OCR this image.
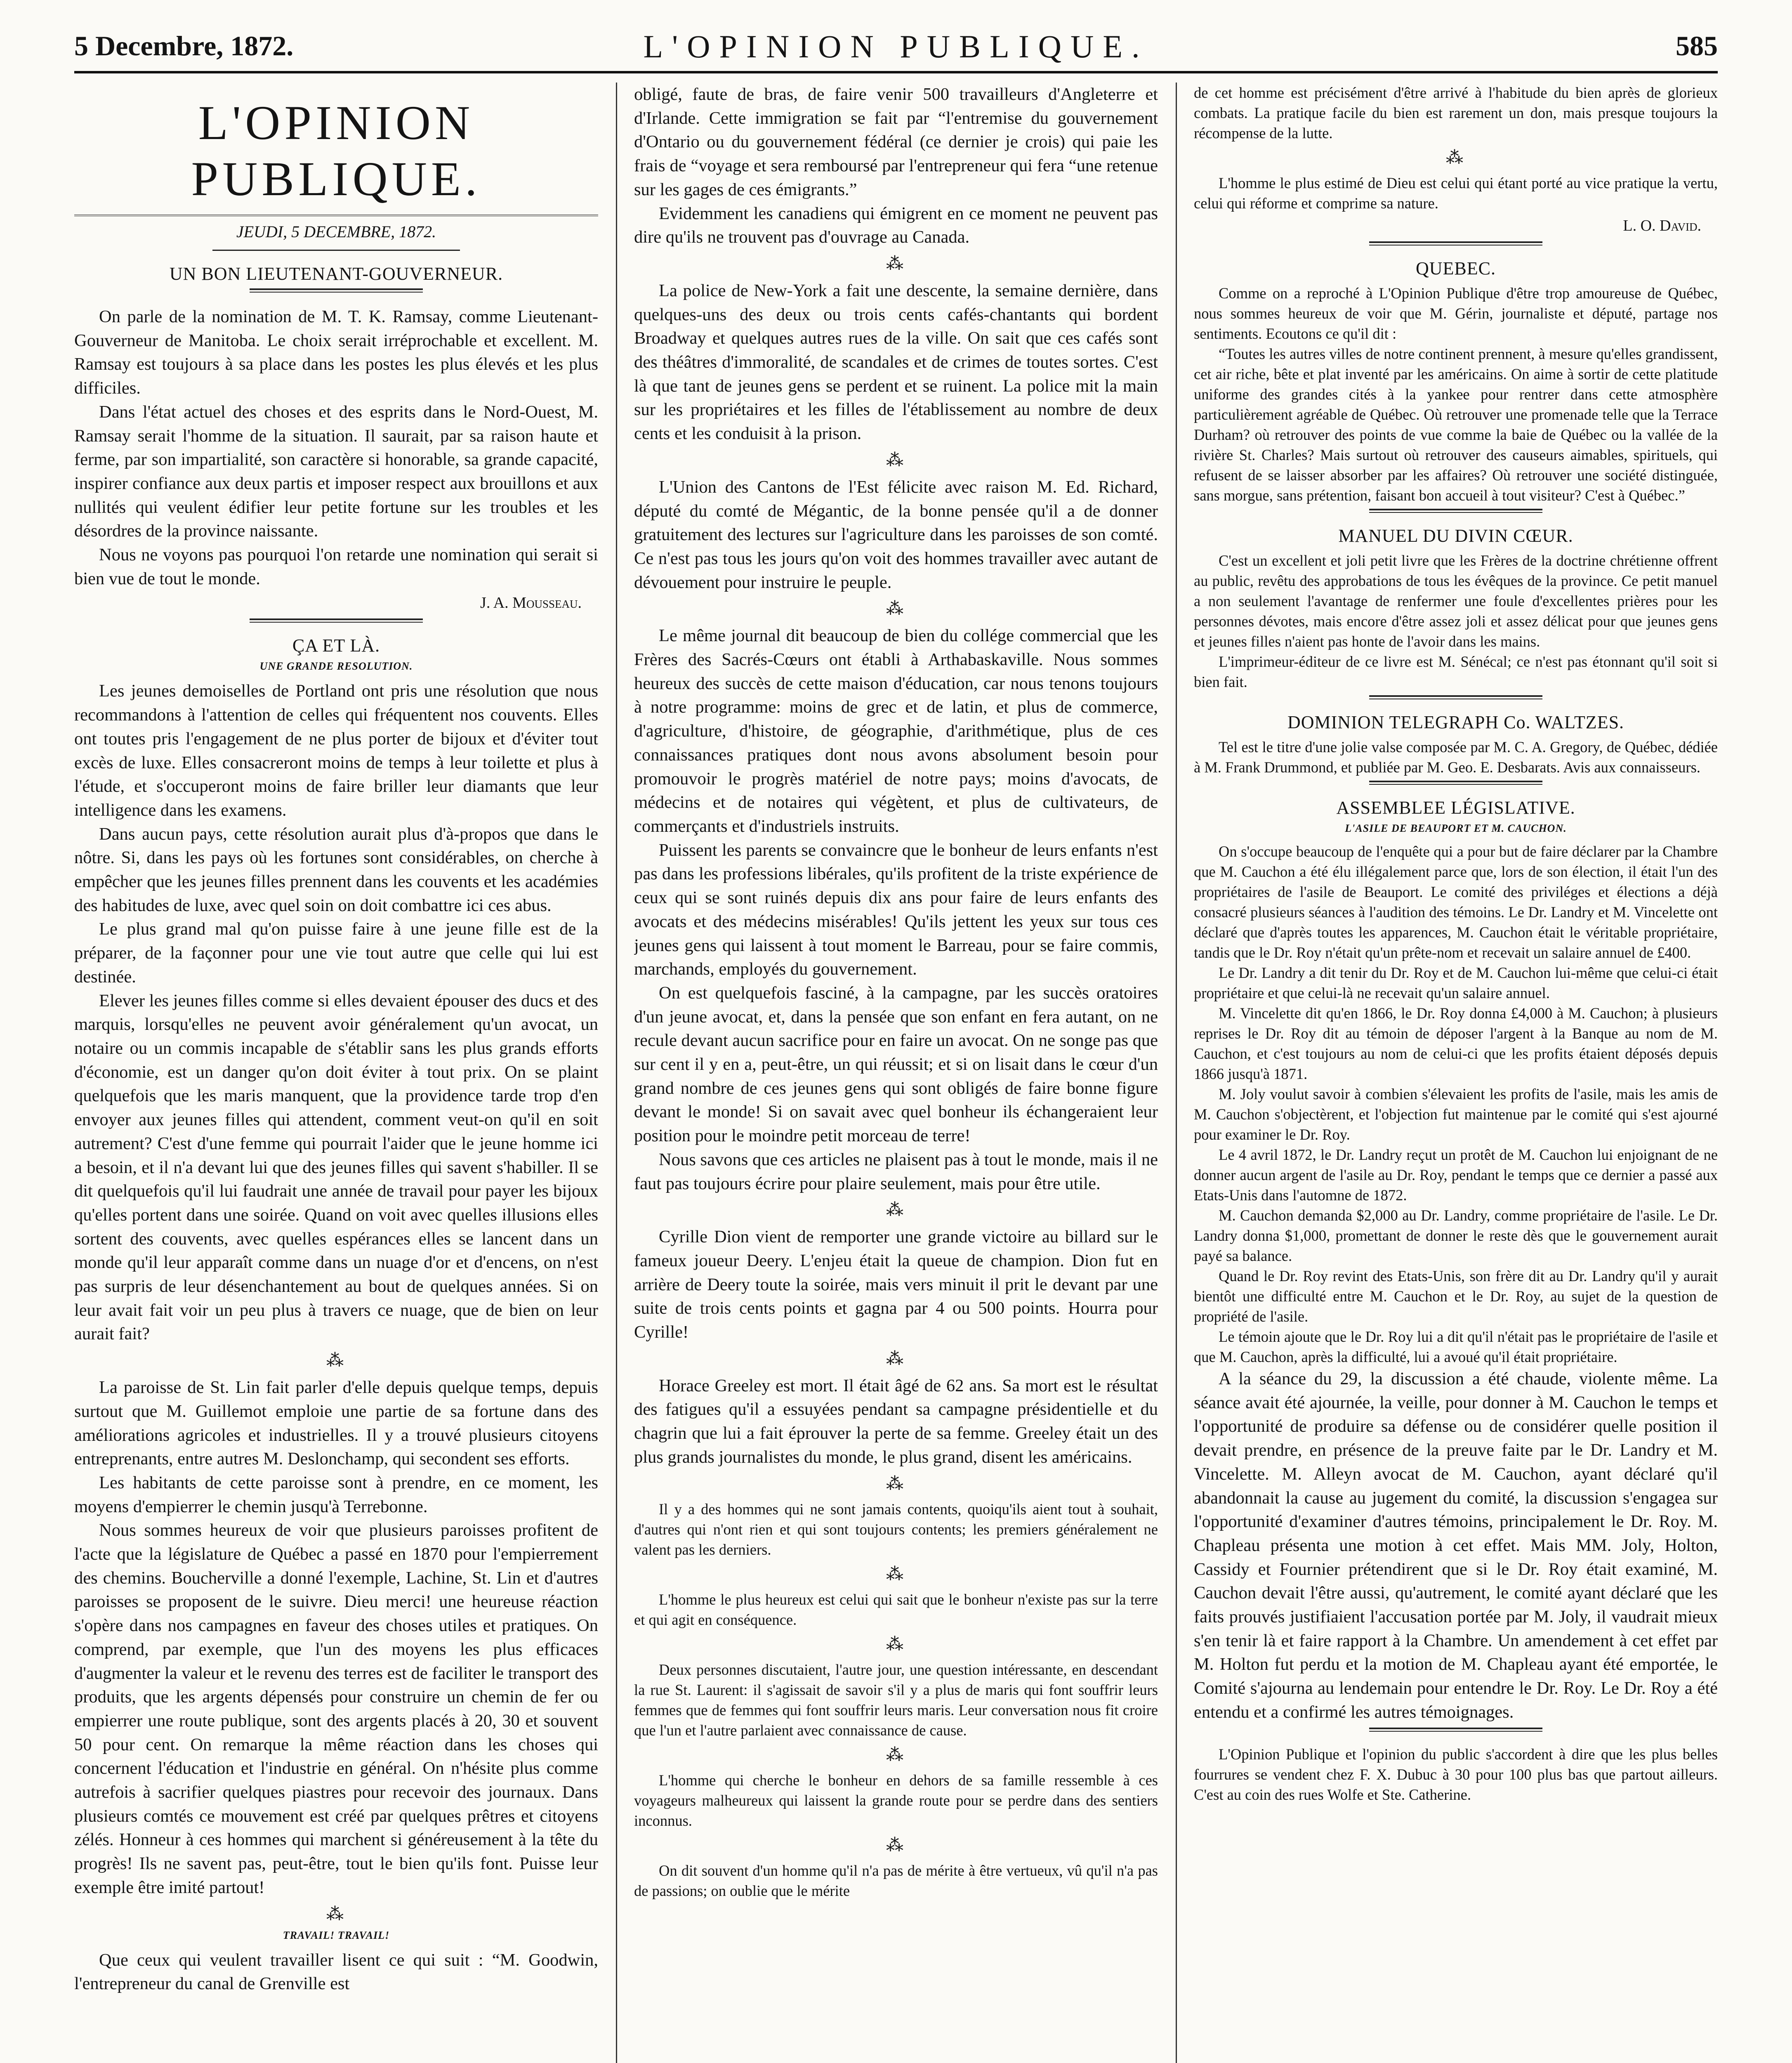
5 Decembre, 1872.	L'OPINION PUBLIQUE.	585
L'OPINION PUBLIQUE.
JEUDI, 5 DECEMBRE, 1872.
UN BON LIEUTENANT-GOUVERNEUR.

On parle de la nomination de M. T. K. Ramsay, comme Lieutenant-Gouverneur de Manitoba. Le choix serait irréprochable et excellent. M. Ramsay est toujours à sa place dans les postes les plus élevés et les plus difficiles.

Dans l'état actuel des choses et des esprits dans le Nord-Ouest, M. Ramsay serait l'homme de la situation. Il saurait, par sa raison haute et ferme, par son impartialité, son caractère si honorable, sa grande capacité, inspirer confiance aux deux partis et imposer respect aux brouillons et aux nullités qui veulent édifier leur petite fortune sur les troubles et les désordres de la province naissante.

Nous ne voyons pas pourquoi l'on retarde une nomination qui serait si bien vue de tout le monde.

J. A. Mousseau.
ÇA ET LÀ.
UNE GRANDE RESOLUTION.

Les jeunes demoiselles de Portland ont pris une résolution que nous recommandons à l'attention de celles qui fréquentent nos couvents. Elles ont toutes pris l'engagement de ne plus porter de bijoux et d'éviter tout excès de luxe. Elles consacreront moins de temps à leur toilette et plus à l'étude, et s'occuperont moins de faire briller leur diamants que leur intelligence dans les examens.

Dans aucun pays, cette résolution aurait plus d'à-propos que dans le nôtre. Si, dans les pays où les fortunes sont considérables, on cherche à empêcher que les jeunes filles prennent dans les couvents et les académies des habitudes de luxe, avec quel soin on doit combattre ici ces abus.

Le plus grand mal qu'on puisse faire à une jeune fille est de la préparer, de la façonner pour une vie tout autre que celle qui lui est destinée.

Elever les jeunes filles comme si elles devaient épouser des ducs et des marquis, lorsqu'elles ne peuvent avoir généralement qu'un avocat, un notaire ou un commis incapable de s'établir sans les plus grands efforts d'économie, est un danger qu'on doit éviter à tout prix. On se plaint quelquefois que les maris manquent, que la providence tarde trop d'en envoyer aux jeunes filles qui attendent, comment veut-on qu'il en soit autrement? C'est d'une femme qui pourrait l'aider que le jeune homme ici a besoin, et il n'a devant lui que des jeunes filles qui savent s'habiller. Il se dit quelquefois qu'il lui faudrait une année de travail pour payer les bijoux qu'elles portent dans une soirée. Quand on voit avec quelles illusions elles sortent des couvents, avec quelles espérances elles se lancent dans un monde qu'il leur apparaît comme dans un nuage d'or et d'encens, on n'est pas surpris de leur désenchantement au bout de quelques années. Si on leur avait fait voir un peu plus à travers ce nuage, que de bien on leur aurait fait?

⁂

La paroisse de St. Lin fait parler d'elle depuis quelque temps, depuis surtout que M. Guillemot emploie une partie de sa fortune dans des améliorations agricoles et industrielles. Il y a trouvé plusieurs citoyens entreprenants, entre autres M. Deslonchamp, qui secondent ses efforts.

Les habitants de cette paroisse sont à prendre, en ce moment, les moyens d'empierrer le chemin jusqu'à Terrebonne.

Nous sommes heureux de voir que plusieurs paroisses profitent de l'acte que la législature de Québec a passé en 1870 pour l'empierrement des chemins. Boucherville a donné l'exemple, Lachine, St. Lin et d'autres paroisses se proposent de le suivre. Dieu merci! une heureuse réaction s'opère dans nos campagnes en faveur des choses utiles et pratiques. On comprend, par exemple, que l'un des moyens les plus efficaces d'augmenter la valeur et le revenu des terres est de faciliter le transport des produits, que les argents dépensés pour construire un chemin de fer ou empierrer une route publique, sont des argents placés à 20, 30 et souvent 50 pour cent. On remarque la même réaction dans les choses qui concernent l'éducation et l'industrie en général. On n'hésite plus comme autrefois à sacrifier quelques piastres pour recevoir des journaux. Dans plusieurs comtés ce mouvement est créé par quelques prêtres et citoyens zélés. Honneur à ces hommes qui marchent si généreusement à la tête du progrès! Ils ne savent pas, peut-être, tout le bien qu'ils font. Puisse leur exemple être imité partout!

⁂
TRAVAIL! TRAVAIL!

Que ceux qui veulent travailler lisent ce qui suit : “M. Goodwin, l'entrepreneur du canal de Grenville est

obligé, faute de bras, de faire venir 500 travailleurs d'Angleterre et d'Irlande. Cette immigration se fait par “l'entremise du gouvernement d'Ontario ou du gouvernement fédéral (ce dernier je crois) qui paie les frais de “voyage et sera remboursé par l'entrepreneur qui fera “une retenue sur les gages de ces émigrants.”

Evidemment les canadiens qui émigrent en ce moment ne peuvent pas dire qu'ils ne trouvent pas d'ouvrage au Canada.

⁂

La police de New-York a fait une descente, la semaine dernière, dans quelques-uns des deux ou trois cents cafés-chantants qui bordent Broadway et quelques autres rues de la ville. On sait que ces cafés sont des théâtres d'immoralité, de scandales et de crimes de toutes sortes. C'est là que tant de jeunes gens se perdent et se ruinent. La police mit la main sur les propriétaires et les filles de l'établissement au nombre de deux cents et les conduisit à la prison.

⁂

L'Union des Cantons de l'Est félicite avec raison M. Ed. Richard, député du comté de Mégantic, de la bonne pensée qu'il a de donner gratuitement des lectures sur l'agriculture dans les paroisses de son comté. Ce n'est pas tous les jours qu'on voit des hommes travailler avec autant de dévouement pour instruire le peuple.

⁂

Le même journal dit beaucoup de bien du collége commercial que les Frères des Sacrés-Cœurs ont établi à Arthabaskaville. Nous sommes heureux des succès de cette maison d'éducation, car nous tenons toujours à notre programme: moins de grec et de latin, et plus de commerce, d'agriculture, d'histoire, de géographie, d'arithmétique, plus de ces connaissances pratiques dont nous avons absolument besoin pour promouvoir le progrès matériel de notre pays; moins d'avocats, de médecins et de notaires qui végètent, et plus de cultivateurs, de commerçants et d'industriels instruits.

Puissent les parents se convaincre que le bonheur de leurs enfants n'est pas dans les professions libérales, qu'ils profitent de la triste expérience de ceux qui se sont ruinés depuis dix ans pour faire de leurs enfants des avocats et des médecins misérables! Qu'ils jettent les yeux sur tous ces jeunes gens qui laissent à tout moment le Barreau, pour se faire commis, marchands, employés du gouvernement.

On est quelquefois fasciné, à la campagne, par les succès oratoires d'un jeune avocat, et, dans la pensée que son enfant en fera autant, on ne recule devant aucun sacrifice pour en faire un avocat. On ne songe pas que sur cent il y en a, peut-être, un qui réussit; et si on lisait dans le cœur d'un grand nombre de ces jeunes gens qui sont obligés de faire bonne figure devant le monde! Si on savait avec quel bonheur ils échangeraient leur position pour le moindre petit morceau de terre!

Nous savons que ces articles ne plaisent pas à tout le monde, mais il ne faut pas toujours écrire pour plaire seulement, mais pour être utile.

⁂

Cyrille Dion vient de remporter une grande victoire au billard sur le fameux joueur Deery. L'enjeu était la queue de champion. Dion fut en arrière de Deery toute la soirée, mais vers minuit il prit le devant par une suite de trois cents points et gagna par 4 ou 500 points. Hourra pour Cyrille!

⁂

Horace Greeley est mort. Il était âgé de 62 ans. Sa mort est le résultat des fatigues qu'il a essuyées pendant sa campagne présidentielle et du chagrin que lui a fait éprouver la perte de sa femme. Greeley était un des plus grands journalistes du monde, le plus grand, disent les américains.

⁂

Il y a des hommes qui ne sont jamais contents, quoiqu'ils aient tout à souhait, d'autres qui n'ont rien et qui sont toujours contents; les premiers généralement ne valent pas les derniers.

⁂

L'homme le plus heureux est celui qui sait que le bonheur n'existe pas sur la terre et qui agit en conséquence.

⁂

Deux personnes discutaient, l'autre jour, une question intéressante, en descendant la rue St. Laurent: il s'agissait de savoir s'il y a plus de maris qui font souffrir leurs femmes que de femmes qui font souffrir leurs maris. Leur conversation nous fit croire que l'un et l'autre parlaient avec connaissance de cause.

⁂

L'homme qui cherche le bonheur en dehors de sa famille ressemble à ces voyageurs malheureux qui laissent la grande route pour se perdre dans des sentiers inconnus.

⁂

On dit souvent d'un homme qu'il n'a pas de mérite à être vertueux, vû qu'il n'a pas de passions; on oublie que le mérite

de cet homme est précisément d'être arrivé à l'habitude du bien après de glorieux combats. La pratique facile du bien est rarement un don, mais presque toujours la récompense de la lutte.

⁂

L'homme le plus estimé de Dieu est celui qui étant porté au vice pratique la vertu, celui qui réforme et comprime sa nature.

L. O. David.
QUEBEC.

Comme on a reproché à L'Opinion Publique d'être trop amoureuse de Québec, nous sommes heureux de voir que M. Gérin, journaliste et député, partage nos sentiments. Ecoutons ce qu'il dit :

“Toutes les autres villes de notre continent prennent, à mesure qu'elles grandissent, cet air riche, bête et plat inventé par les américains. On aime à sortir de cette platitude uniforme des grandes cités à la yankee pour rentrer dans cette atmosphère particulièrement agréable de Québec. Où retrouver une promenade telle que la Terrace Durham? où retrouver des points de vue comme la baie de Québec ou la vallée de la rivière St. Charles? Mais surtout où retrouver des causeurs aimables, spirituels, qui refusent de se laisser absorber par les affaires? Où retrouver une société distinguée, sans morgue, sans prétention, faisant bon accueil à tout visiteur? C'est à Québec.”

MANUEL DU DIVIN CŒUR.

C'est un excellent et joli petit livre que les Frères de la doctrine chrétienne offrent au public, revêtu des approbations de tous les évêques de la province. Ce petit manuel a non seulement l'avantage de renfermer une foule d'excellentes prières pour les personnes dévotes, mais encore d'être assez joli et assez délicat pour que jeunes gens et jeunes filles n'aient pas honte de l'avoir dans les mains.

L'imprimeur-éditeur de ce livre est M. Sénécal; ce n'est pas étonnant qu'il soit si bien fait.

DOMINION TELEGRAPH Co. WALTZES.

Tel est le titre d'une jolie valse composée par M. C. A. Gregory, de Québec, dédiée à M. Frank Drummond, et publiée par M. Geo. E. Desbarats. Avis aux connaisseurs.

ASSEMBLEE LÉGISLATIVE.
L'ASILE DE BEAUPORT ET M. CAUCHON.

On s'occupe beaucoup de l'enquête qui a pour but de faire déclarer par la Chambre que M. Cauchon a été élu illégalement parce que, lors de son élection, il était l'un des propriétaires de l'asile de Beauport. Le comité des priviléges et élections a déjà consacré plusieurs séances à l'audition des témoins. Le Dr. Landry et M. Vincelette ont déclaré que d'après toutes les apparences, M. Cauchon était le véritable propriétaire, tandis que le Dr. Roy n'était qu'un prête-nom et recevait un salaire annuel de £400.

Le Dr. Landry a dit tenir du Dr. Roy et de M. Cauchon lui-même que celui-ci était propriétaire et que celui-là ne recevait qu'un salaire annuel.

M. Vincelette dit qu'en 1866, le Dr. Roy donna £4,000 à M. Cauchon; à plusieurs reprises le Dr. Roy dit au témoin de déposer l'argent à la Banque au nom de M. Cauchon, et c'est toujours au nom de celui-ci que les profits étaient déposés depuis 1866 jusqu'à 1871.

M. Joly voulut savoir à combien s'élevaient les profits de l'asile, mais les amis de M. Cauchon s'objectèrent, et l'objection fut maintenue par le comité qui s'est ajourné pour examiner le Dr. Roy.

Le 4 avril 1872, le Dr. Landry reçut un protêt de M. Cauchon lui enjoignant de ne donner aucun argent de l'asile au Dr. Roy, pendant le temps que ce dernier a passé aux Etats-Unis dans l'automne de 1872.

M. Cauchon demanda $2,000 au Dr. Landry, comme propriétaire de l'asile. Le Dr. Landry donna $1,000, promettant de donner le reste dès que le gouvernement aurait payé sa balance.

Quand le Dr. Roy revint des Etats-Unis, son frère dit au Dr. Landry qu'il y aurait bientôt une difficulté entre M. Cauchon et le Dr. Roy, au sujet de la question de propriété de l'asile.

Le témoin ajoute que le Dr. Roy lui a dit qu'il n'était pas le propriétaire de l'asile et que M. Cauchon, après la difficulté, lui a avoué qu'il était propriétaire.

A la séance du 29, la discussion a été chaude, violente même. La séance avait été ajournée, la veille, pour donner à M. Cauchon le temps et l'opportunité de produire sa défense ou de considérer quelle position il devait prendre, en présence de la preuve faite par le Dr. Landry et M. Vincelette. M. Alleyn avocat de M. Cauchon, ayant déclaré qu'il abandonnait la cause au jugement du comité, la discussion s'engagea sur l'opportunité d'examiner d'autres témoins, principalement le Dr. Roy. M. Chapleau présenta une motion à cet effet. Mais MM. Joly, Holton, Cassidy et Fournier prétendirent que si le Dr. Roy était examiné, M. Cauchon devait l'être aussi, qu'autrement, le comité ayant déclaré que les faits prouvés justifiaient l'accusation portée par M. Joly, il vaudrait mieux s'en tenir là et faire rapport à la Chambre. Un amendement à cet effet par M. Holton fut perdu et la motion de M. Chapleau ayant été emportée, le Comité s'ajourna au lendemain pour entendre le Dr. Roy. Le Dr. Roy a été entendu et a confirmé les autres témoignages.

L'Opinion Publique et l'opinion du public s'accordent à dire que les plus belles fourrures se vendent chez F. X. Dubuc à 30 pour 100 plus bas que partout ailleurs. C'est au coin des rues Wolfe et Ste. Catherine.
